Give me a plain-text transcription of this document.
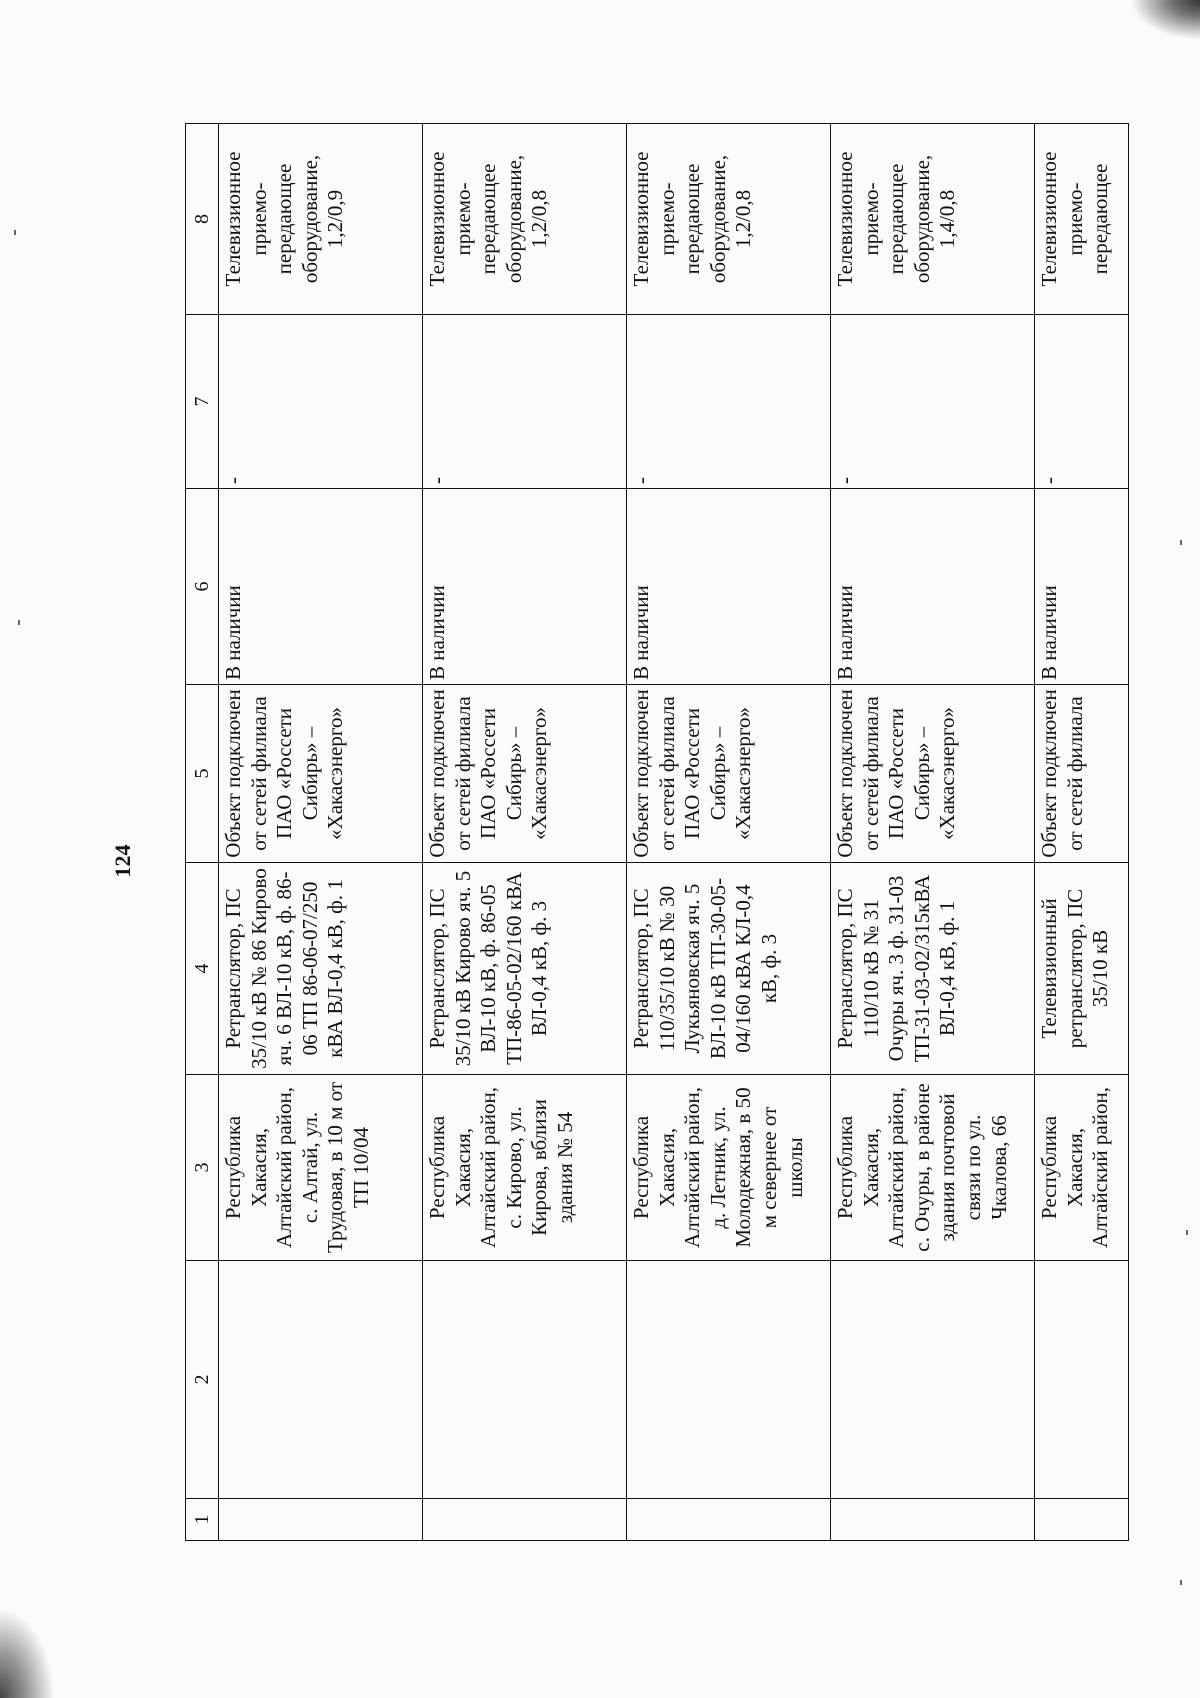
124
1	2	3	4	5	6	7	8
		Республика Хакасия, Алтайский район, с. Алтай, ул. Трудовая, в 10 м от ТП 10/04	Ретранслятор, ПС 35/10 кВ № 86 Кирово яч. 6 ВЛ-10 кВ, ф. 86-06 ТП 86-06-07/250 кВА ВЛ-0,4 кВ, ф. 1	Объект подключен от сетей филиала ПАО «Россети Сибирь» – «Хакасэнерго»	В наличии	-	Телевизионное приемо-передающее оборудование, 1,2/0,9
		Республика Хакасия, Алтайский район, с. Кирово, ул. Кирова, вблизи здания № 54	Ретранслятор, ПС 35/10 кВ Кирово яч. 5 ВЛ-10 кВ, ф. 86-05 ТП-86-05-02/160 кВА ВЛ-0,4 кВ, ф. 3	Объект подключен от сетей филиала ПАО «Россети Сибирь» – «Хакасэнерго»	В наличии	-	Телевизионное приемо-передающее оборудование, 1,2/0,8
		Республика Хакасия, Алтайский район, д. Летник, ул. Молодежная, в 50 м севернее от школы	Ретранслятор, ПС 110/35/10 кВ № 30 Лукьяновская яч. 5 ВЛ-10 кВ ТП-30-05-04/160 кВА КЛ-0,4 кВ, ф. 3	Объект подключен от сетей филиала ПАО «Россети Сибирь» – «Хакасэнерго»	В наличии	-	Телевизионное приемо-передающее оборудование, 1,2/0,8
		Республика Хакасия, Алтайский район, с. Очуры, в районе здания почтовой связи по ул. Чкалова, 66	Ретранслятор, ПС 110/10 кВ № 31 Очуры яч. 3 ф. 31-03 ТП-31-03-02/315кВА ВЛ-0,4 кВ, ф. 1	Объект подключен от сетей филиала ПАО «Россети Сибирь» – «Хакасэнерго»	В наличии	-	Телевизионное приемо-передающее оборудование, 1,4/0,8
		Республика Хакасия, Алтайский район,	Телевизионный ретранслятор, ПС 35/10 кВ	Объект подключен от сетей филиала	В наличии	-	Телевизионное приемо-передающее
